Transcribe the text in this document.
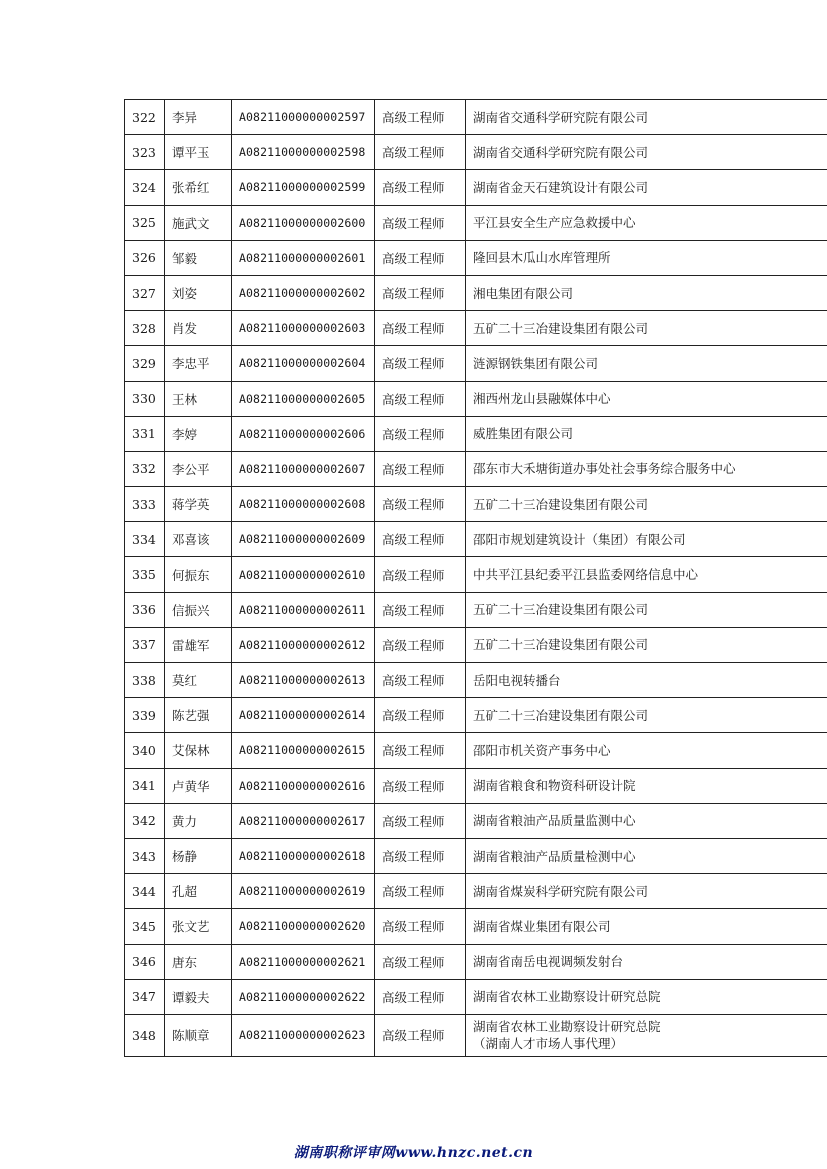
322	李异	A08211000000002597	高级工程师	湖南省交通科学研究院有限公司
323	谭平玉	A08211000000002598	高级工程师	湖南省交通科学研究院有限公司
324	张希红	A08211000000002599	高级工程师	湖南省金天石建筑设计有限公司
325	施武文	A08211000000002600	高级工程师	平江县安全生产应急救援中心
326	邹毅	A08211000000002601	高级工程师	隆回县木瓜山水库管理所
327	刘姿	A08211000000002602	高级工程师	湘电集团有限公司
328	肖发	A08211000000002603	高级工程师	五矿二十三冶建设集团有限公司
329	李忠平	A08211000000002604	高级工程师	涟源钢铁集团有限公司
330	王林	A08211000000002605	高级工程师	湘西州龙山县融媒体中心
331	李婷	A08211000000002606	高级工程师	威胜集团有限公司
332	李公平	A08211000000002607	高级工程师	邵东市大禾塘街道办事处社会事务综合服务中心
333	蒋学英	A08211000000002608	高级工程师	五矿二十三冶建设集团有限公司
334	邓喜该	A08211000000002609	高级工程师	邵阳市规划建筑设计（集团）有限公司
335	何振东	A08211000000002610	高级工程师	中共平江县纪委平江县监委网络信息中心
336	信振兴	A08211000000002611	高级工程师	五矿二十三冶建设集团有限公司
337	雷雄军	A08211000000002612	高级工程师	五矿二十三冶建设集团有限公司
338	莫红	A08211000000002613	高级工程师	岳阳电视转播台
339	陈艺强	A08211000000002614	高级工程师	五矿二十三冶建设集团有限公司
340	艾保林	A08211000000002615	高级工程师	邵阳市机关资产事务中心
341	卢黄华	A08211000000002616	高级工程师	湖南省粮食和物资科研设计院
342	黄力	A08211000000002617	高级工程师	湖南省粮油产品质量监测中心
343	杨静	A08211000000002618	高级工程师	湖南省粮油产品质量检测中心
344	孔超	A08211000000002619	高级工程师	湖南省煤炭科学研究院有限公司
345	张文艺	A08211000000002620	高级工程师	湖南省煤业集团有限公司
346	唐东	A08211000000002621	高级工程师	湖南省南岳电视调频发射台
347	谭毅夫	A08211000000002622	高级工程师	湖南省农林工业勘察设计研究总院
348	陈顺章	A08211000000002623	高级工程师	湖南省农林工业勘察设计研究总院
（湖南人才市场人事代理）
湖南职称评审网www.hnzc.net.cn
